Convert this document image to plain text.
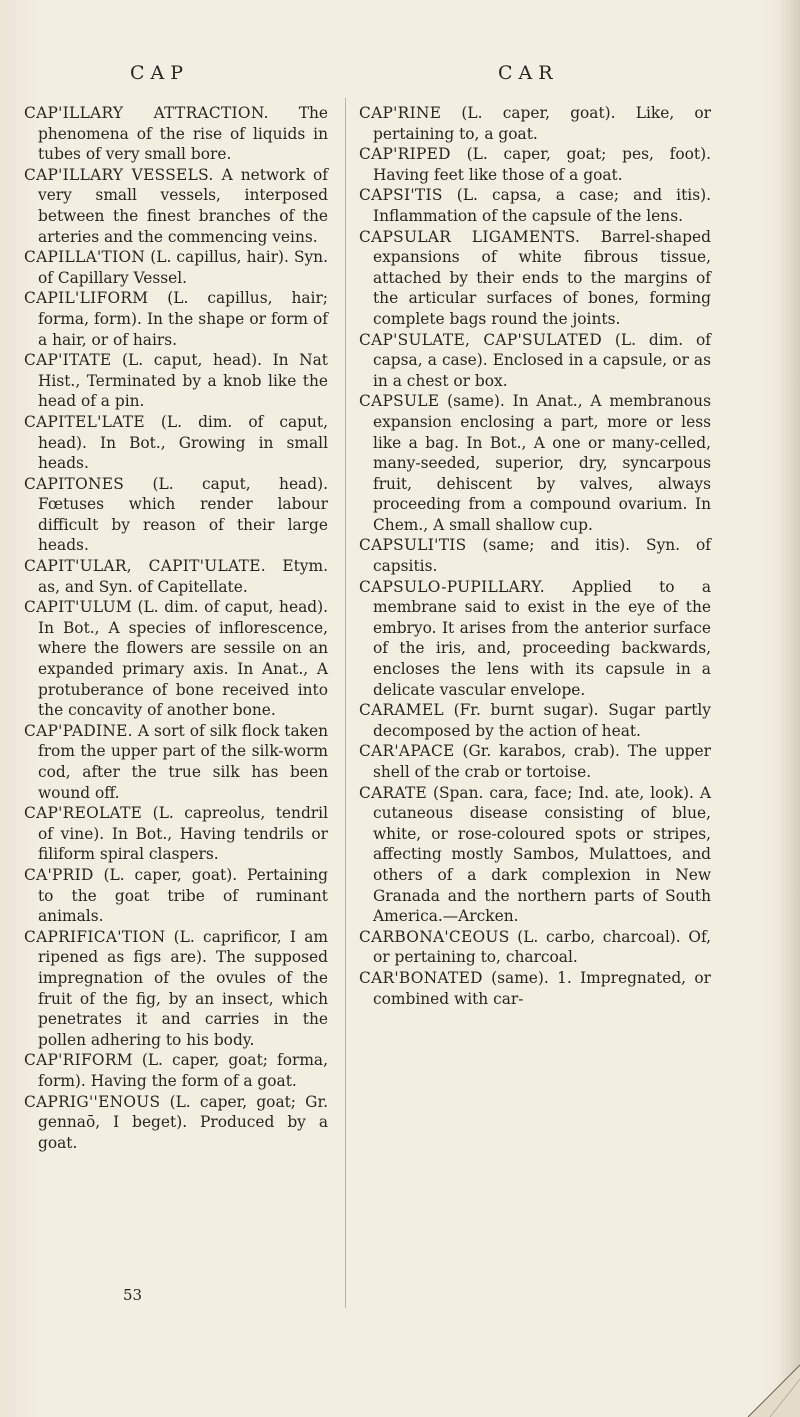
CAP	CAR
CAP'ILLARY ATTRACTION. The phenomena of the rise of liquids in tubes of very small bore.
CAP'ILLARY VESSELS. A network of very small vessels, interposed between the finest branches of the arteries and the commencing veins.
CAPILLA'TION (L. capillus, hair). Syn. of Capillary Vessel.
CAPIL'LIFORM (L. capillus, hair; forma, form). In the shape or form of a hair, or of hairs.
CAP'ITATE (L. caput, head). In Nat Hist., Terminated by a knob like the head of a pin.
CAPITEL'LATE (L. dim. of caput, head). In Bot., Growing in small heads.
CAPITONES (L. caput, head). Fœtuses which render labour difficult by reason of their large heads.
CAPIT'ULAR, CAPIT'ULATE. Etym. as, and Syn. of Capitellate.
CAPIT'ULUM (L. dim. of caput, head). In Bot., A species of inflorescence, where the flowers are sessile on an expanded primary axis. In Anat., A protuberance of bone received into the concavity of another bone.
CAP'PADINE. A sort of silk flock taken from the upper part of the silk-worm cod, after the true silk has been wound off.
CAP'REOLATE (L. capreolus, tendril of vine). In Bot., Having tendrils or filiform spiral claspers.
CA'PRID (L. caper, goat). Pertaining to the goat tribe of ruminant animals.
CAPRIFICA'TION (L. caprificor, I am ripened as figs are). The supposed impregnation of the ovules of the fruit of the fig, by an insect, which penetrates it and carries in the pollen adhering to his body.
CAP'RIFORM (L. caper, goat; forma, form). Having the form of a goat.
CAPRIG''ENOUS (L. caper, goat; Gr. gennaō, I beget). Produced by a goat.
CAP'RINE (L. caper, goat). Like, or pertaining to, a goat.
CAP'RIPED (L. caper, goat; pes, foot). Having feet like those of a goat.
CAPSI'TIS (L. capsa, a case; and itis). Inflammation of the capsule of the lens.
CAPSULAR LIGAMENTS. Barrel-shaped expansions of white fibrous tissue, attached by their ends to the margins of the articular surfaces of bones, forming complete bags round the joints.
CAP'SULATE, CAP'SULATED (L. dim. of capsa, a case). Enclosed in a capsule, or as in a chest or box.
CAPSULE (same). In Anat., A membranous expansion enclosing a part, more or less like a bag. In Bot., A one or many-celled, many-seeded, superior, dry, syncarpous fruit, dehiscent by valves, always proceeding from a compound ovarium. In Chem., A small shallow cup.
CAPSULI'TIS (same; and itis). Syn. of capsitis.
CAPSULO-PUPILLARY. Applied to a membrane said to exist in the eye of the embryo. It arises from the anterior surface of the iris, and, proceeding backwards, encloses the lens with its capsule in a delicate vascular envelope.
CARAMEL (Fr. burnt sugar). Sugar partly decomposed by the action of heat.
CAR'APACE (Gr. karabos, crab). The upper shell of the crab or tortoise.
CARATE (Span. cara, face; Ind. ate, look). A cutaneous disease consisting of blue, white, or rose-coloured spots or stripes, affecting mostly Sambos, Mulattoes, and others of a dark complexion in New Granada and the northern parts of South America.—Arcken.
CARBONA'CEOUS (L. carbo, charcoal). Of, or pertaining to, charcoal.
CAR'BONATED (same). 1. Impregnated, or combined with car-
53
